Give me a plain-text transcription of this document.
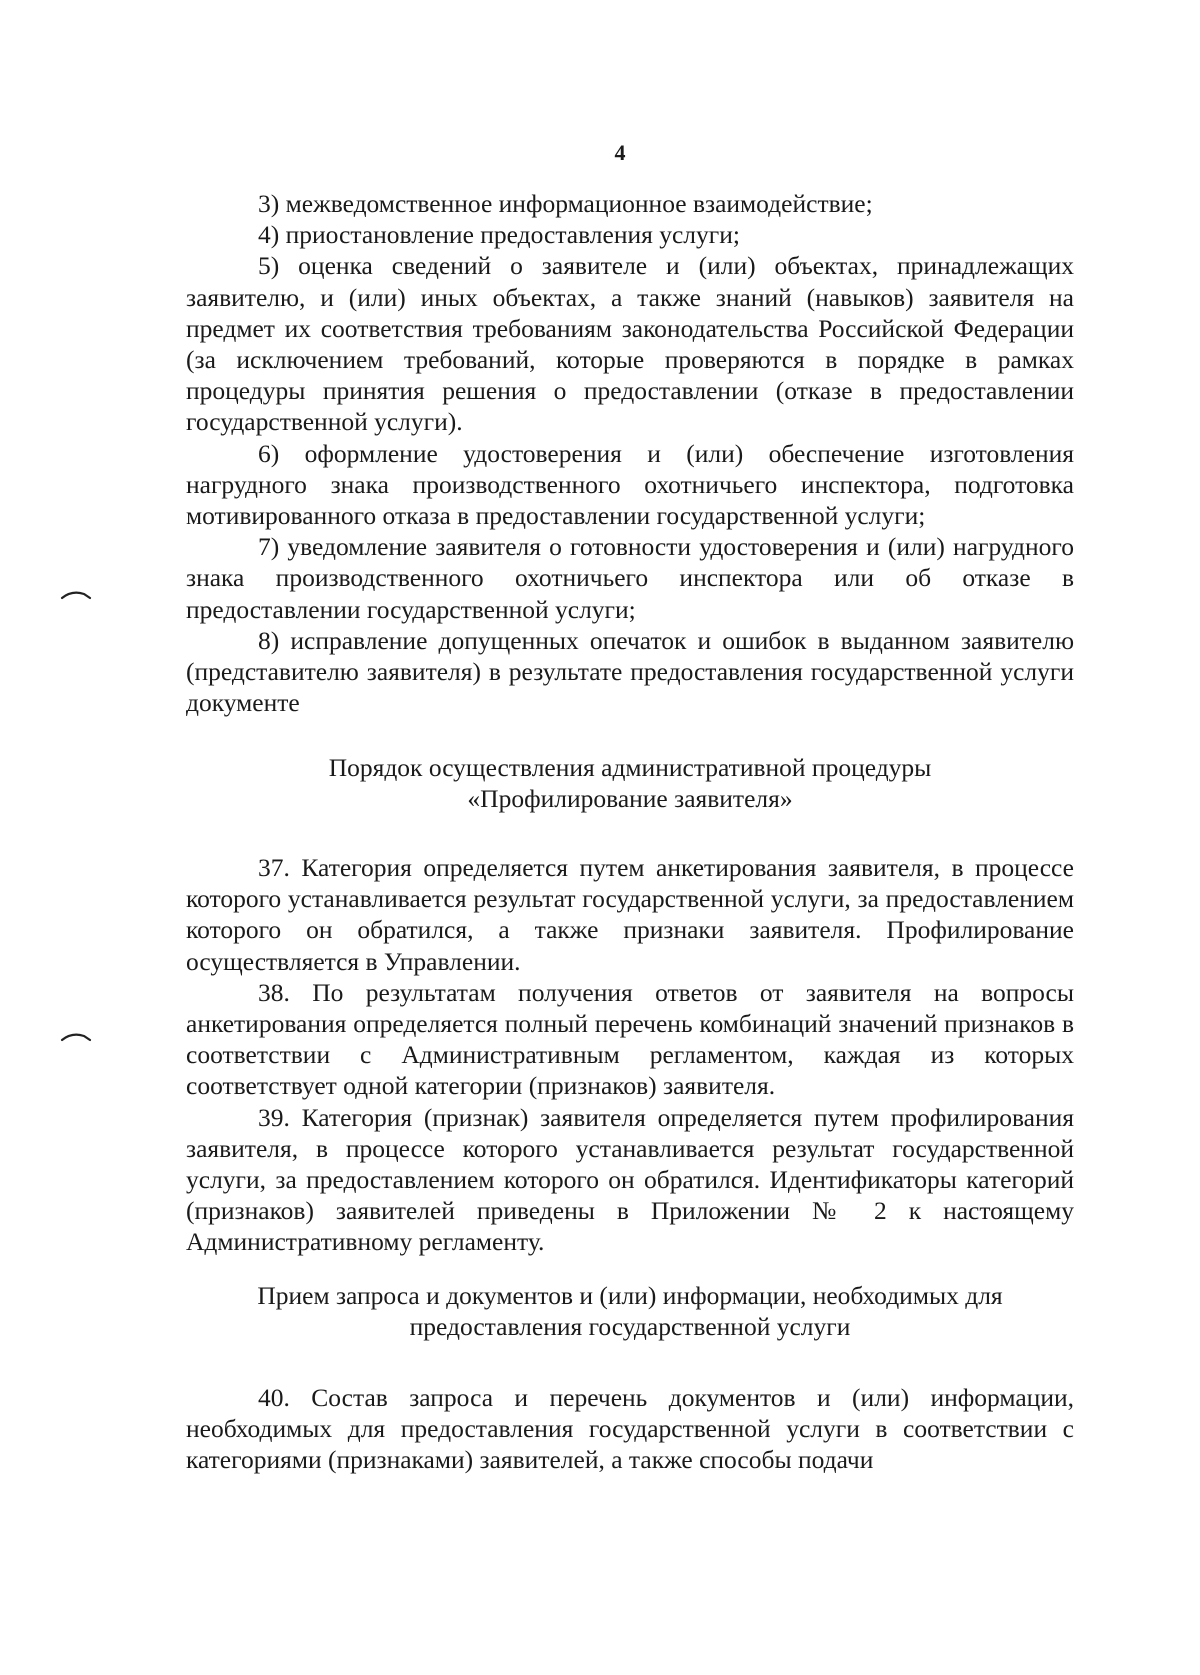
4

3) межведомственное информационное взаимодействие;

4) приостановление предоставления услуги;

5) оценка сведений о заявителе и (или) объектах, принадлежащих заявителю, и (или) иных объектах, а также знаний (навыков) заявителя на предмет их соответствия требованиям законодательства Российской Федерации (за исключением требований, которые проверяются в порядке в рамках процедуры принятия решения о предоставлении (отказе в предоставлении государственной услуги).

6) оформление удостоверения и (или) обеспечение изготовления нагрудного знака производственного охотничьего инспектора, подготовка мотивированного отказа в предоставлении государственной услуги;

7) уведомление заявителя о готовности удостоверения и (или) нагрудного знака производственного охотничьего инспектора или об отказе в предоставлении государственной услуги;

8) исправление допущенных опечаток и ошибок в выданном заявителю (представителю заявителя) в результате предоставления государственной услуги документе

Порядок осуществления административной процедуры

«Профилирование заявителя»

37. Категория определяется путем анкетирования заявителя, в процессе которого устанавливается результат государственной услуги, за предоставлением которого он обратился, а также признаки заявителя. Профилирование осуществляется в Управлении.

38. По результатам получения ответов от заявителя на вопросы анкетирования определяется полный перечень комбинаций значений признаков в соответствии с Административным регламентом, каждая из которых соответствует одной категории (признаков) заявителя.

39. Категория (признак) заявителя определяется путем профилирования заявителя, в процессе которого устанавливается результат государственной услуги, за предоставлением которого он обратился. Идентификаторы категорий (признаков) заявителей приведены в Приложении № 2 к настоящему Административному регламенту.

Прием запроса и документов и (или) информации, необходимых для

предоставления государственной услуги

40. Состав запроса и перечень документов и (или) информации, необходимых для предоставления государственной услуги в соответствии с категориями (признаками) заявителей, а также способы подачи
